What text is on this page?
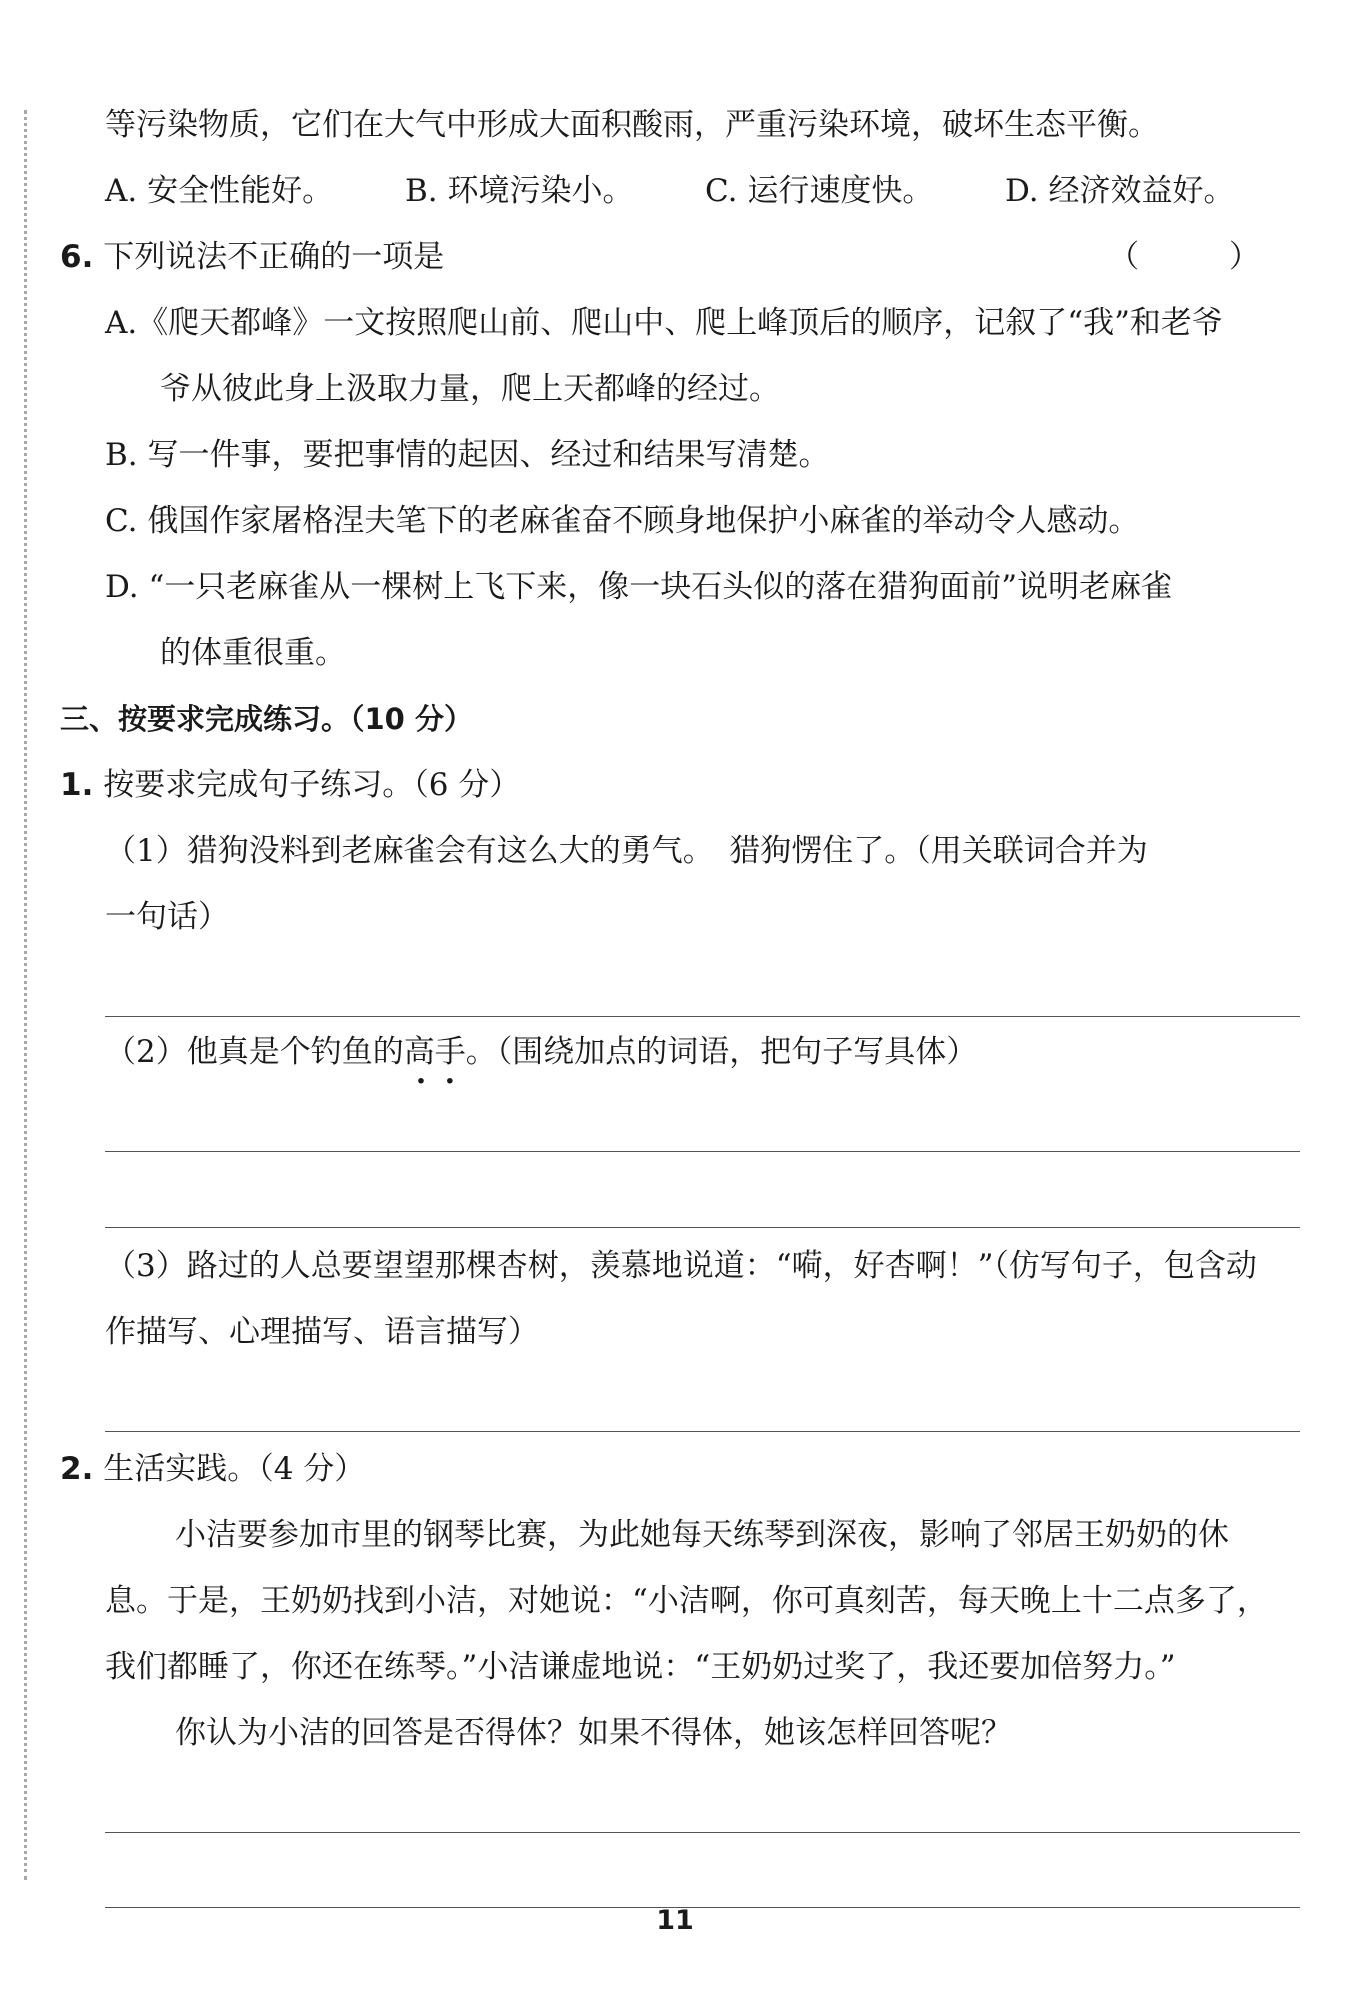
等污染物质，它们在大气中形成大面积酸雨，严重污染环境，破坏生态平衡。

A. 安全性能好。	B. 环境污染小。	C. 运行速度快。	D. 经济效益好。
6. 下列说法不正确的一项是	（ ）

A.《爬天都峰》一文按照爬山前、爬山中、爬上峰顶后的顺序，记叙了“我”和老爷

爷从彼此身上汲取力量，爬上天都峰的经过。

B. 写一件事，要把事情的起因、经过和结果写清楚。

C. 俄国作家屠格涅夫笔下的老麻雀奋不顾身地保护小麻雀的举动令人感动。

D. “一只老麻雀从一棵树上飞下来，像一块石头似的落在猎狗面前”说明老麻雀

的体重很重。

三、按要求完成练习。（10 分）

1. 按要求完成句子练习。（6 分）

（1）猎狗没料到老麻雀会有这么大的勇气。　猎狗愣住了。（用关联词合并为

一句话）

（2）他真是个钓鱼的高手 · ·。（围绕加点的词语，把句子写具体）

（3）路过的人总要望望那棵杏树，羡慕地说道：“嗬，好杏啊！”（仿写句子，包含动

作描写、心理描写、语言描写）

2. 生活实践。（4 分）

小洁要参加市里的钢琴比赛，为此她每天练琴到深夜，影响了邻居王奶奶的休

息。于是，王奶奶找到小洁，对她说：“小洁啊，你可真刻苦，每天晚上十二点多了，

我们都睡了，你还在练琴。”小洁谦虚地说：“王奶奶过奖了，我还要加倍努力。”

你认为小洁的回答是否得体？如果不得体，她该怎样回答呢？

11
